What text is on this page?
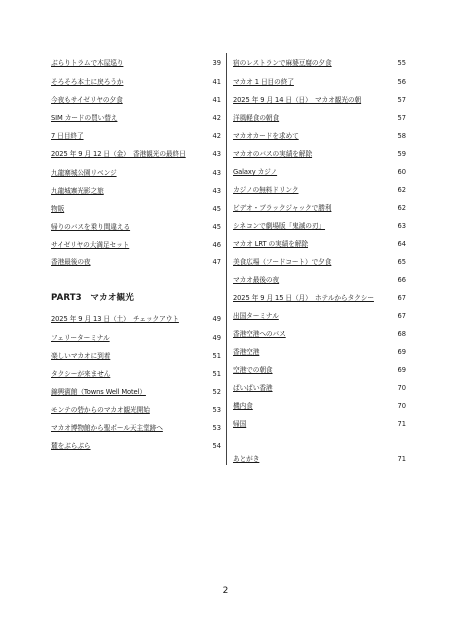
ぶらりトラムで木屋巡り	39
そろそろ本土に戻ろうか	41
今夜もサイゼリヤの夕食	41
SIM カードの買い替え	42
7 日目終了	42
2025 年 9 月 12 日（金）　香港観光の最終日	43
九龍寨城公園リベンジ	43
九龍城寨光影之旅	43
物販	45
帰りのバスを乗り間違える	45
サイゼリヤの大満足セット	46
香港最後の夜	47
PART3　マカオ観光
2025 年 9 月 13 日（土）　チェックアウト	49
フェリーターミナル	49
楽しいマカオに到着	51
タクシーが来ません	51
錦興賓館（Towns Well Motel）	52
モンテの砦からのマカオ観光開始	53
マカオ博物館から聖ポール天主堂跡へ	53
麓をぶらぶら	54
宿のレストランで麻婆豆腐の夕食	55
マカオ 1 日目の終了	56
2025 年 9 月 14 日（日）　マカオ観光の朝	57
洋風軽食の朝食	57
マカオカードを求めて	58
マカオのバスの実績を解除	59
Galaxy カジノ	60
カジノの無料ドリンク	62
ビデオ・ブラックジャックで勝利	62
シネコンで劇場版「鬼滅の刃」	63
マカオ LRT の実績を解除	64
美食広場（フードコート）で夕食	65
マカオ最後の夜	66
2025 年 9 月 15 日（月）　ホテルからタクシー	67
出国ターミナル	67
香港空港へのバス	68
香港空港	69
空港での朝食	69
ばいばい香港	70
機内食	70
帰国	71
あとがき	71
2
